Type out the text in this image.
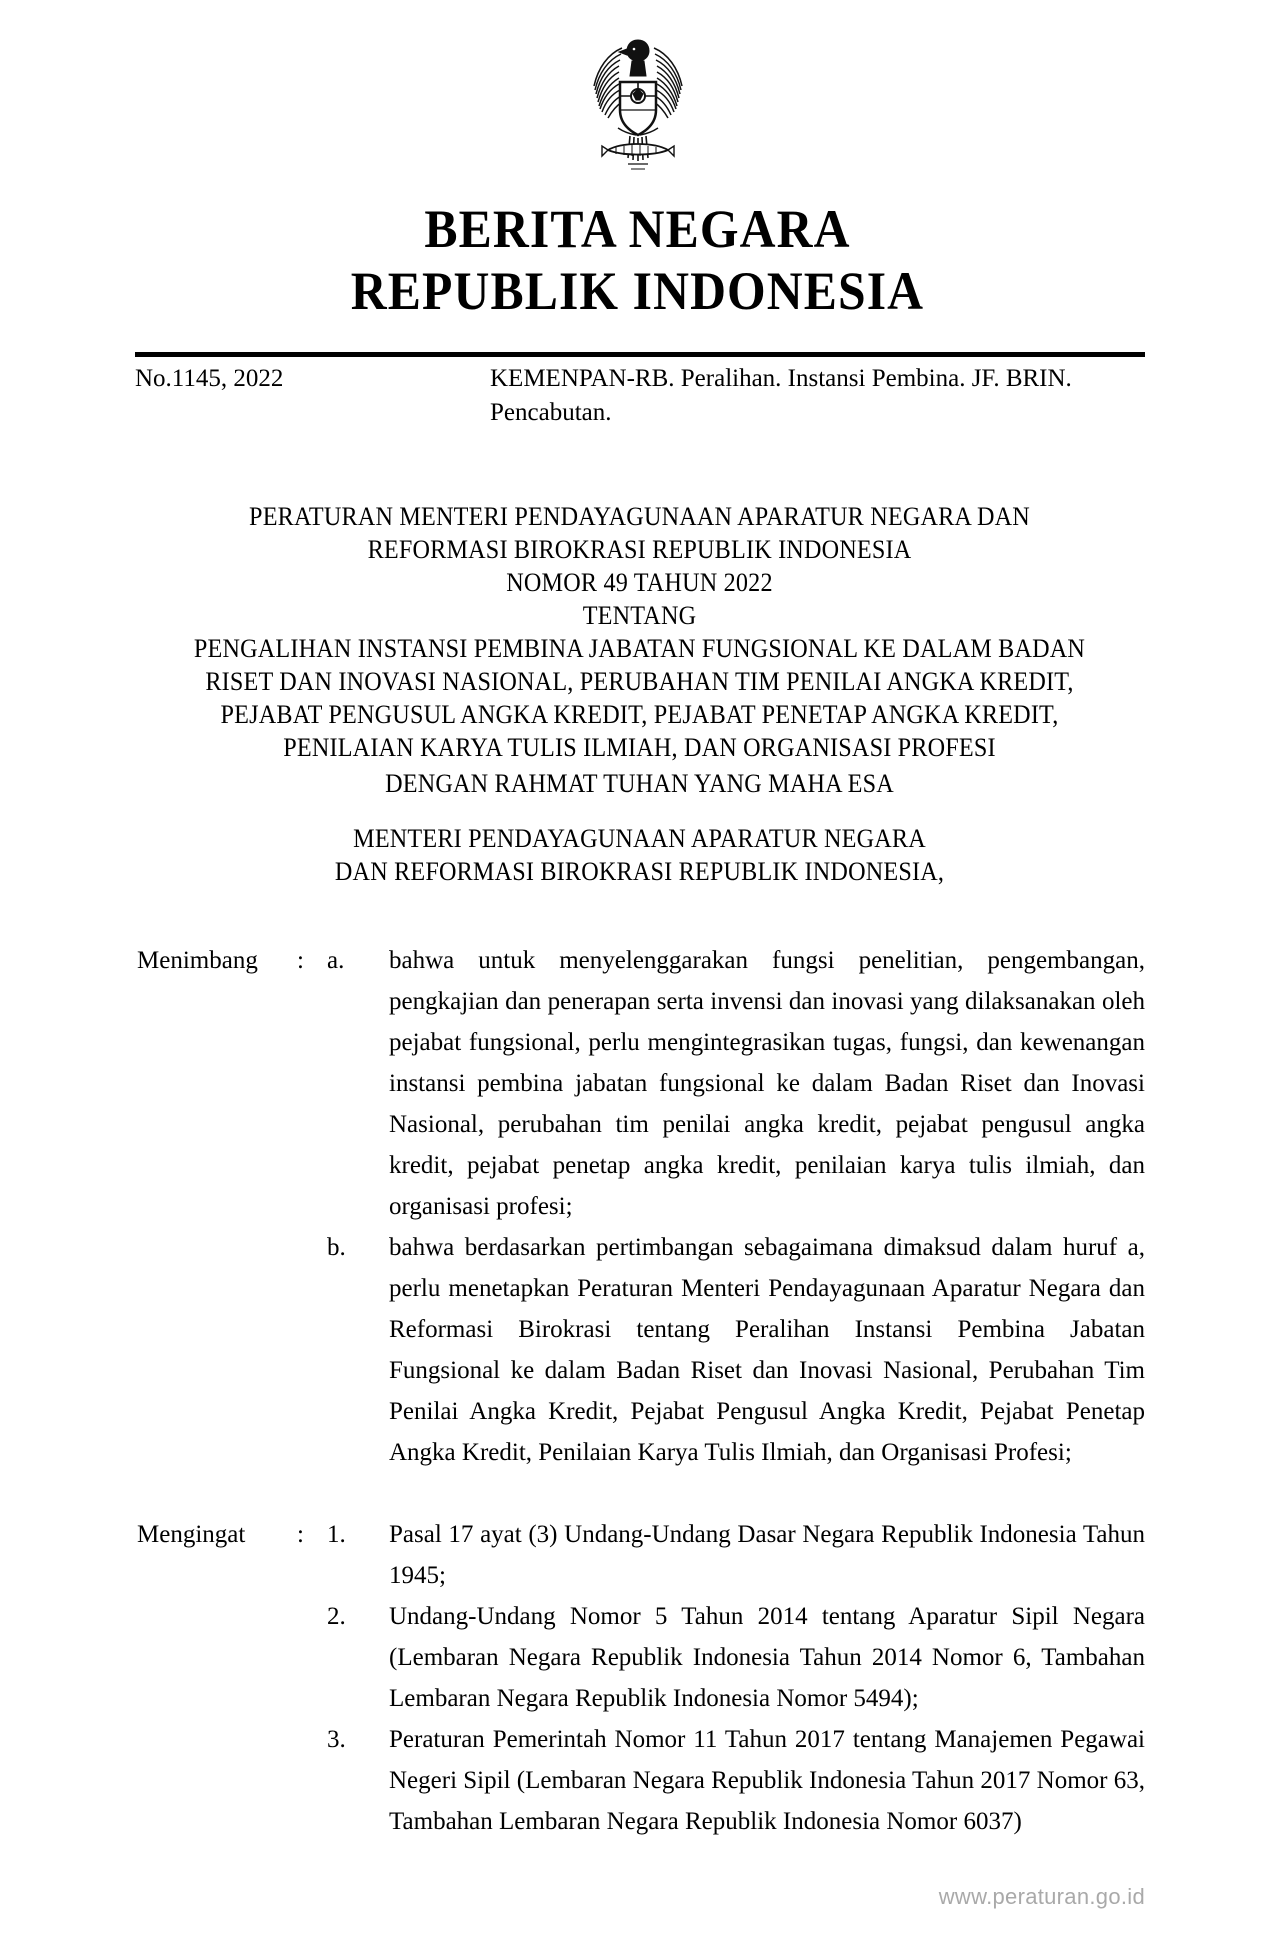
BERITA NEGARA
REPUBLIK INDONESIA
No.1145, 2022	KEMENPAN-RB. Peralihan. Instansi Pembina. JF. BRIN. Pencabutan.
PERATURAN MENTERI PENDAYAGUNAAN APARATUR NEGARA DAN
REFORMASI BIROKRASI REPUBLIK INDONESIA
NOMOR 49 TAHUN 2022
TENTANG
PENGALIHAN INSTANSI PEMBINA JABATAN FUNGSIONAL KE DALAM BADAN
RISET DAN INOVASI NASIONAL, PERUBAHAN TIM PENILAI ANGKA KREDIT,
PEJABAT PENGUSUL ANGKA KREDIT, PEJABAT PENETAP ANGKA KREDIT,
PENILAIAN KARYA TULIS ILMIAH, DAN ORGANISASI PROFESI
DENGAN RAHMAT TUHAN YANG MAHA ESA
MENTERI PENDAYAGUNAAN APARATUR NEGARA
DAN REFORMASI BIROKRASI REPUBLIK INDONESIA,
Menimbang	: a.	bahwa untuk menyelenggarakan fungsi penelitian, pengembangan, pengkajian dan penerapan serta invensi dan inovasi yang dilaksanakan oleh pejabat fungsional, perlu mengintegrasikan tugas, fungsi, dan kewenangan instansi pembina jabatan fungsional ke dalam Badan Riset dan Inovasi Nasional, perubahan tim penilai angka kredit, pejabat pengusul angka kredit, pejabat penetap angka kredit, penilaian karya tulis ilmiah, dan organisasi profesi;
b.	bahwa berdasarkan pertimbangan sebagaimana dimaksud dalam huruf a, perlu menetapkan Peraturan Menteri Pendayagunaan Aparatur Negara dan Reformasi Birokrasi tentang Peralihan Instansi Pembina Jabatan Fungsional ke dalam Badan Riset dan Inovasi Nasional, Perubahan Tim Penilai Angka Kredit, Pejabat Pengusul Angka Kredit, Pejabat Penetap Angka Kredit, Penilaian Karya Tulis Ilmiah, dan Organisasi Profesi;
Mengingat	: 1.	Pasal 17 ayat (3) Undang-Undang Dasar Negara Republik Indonesia Tahun 1945;
2.	Undang-Undang Nomor 5 Tahun 2014 tentang Aparatur Sipil Negara (Lembaran Negara Republik Indonesia Tahun 2014 Nomor 6, Tambahan Lembaran Negara Republik Indonesia Nomor 5494);
3.	Peraturan Pemerintah Nomor 11 Tahun 2017 tentang Manajemen Pegawai Negeri Sipil (Lembaran Negara Republik Indonesia Tahun 2017 Nomor 63, Tambahan Lembaran Negara Republik Indonesia Nomor 6037)
www.peraturan.go.id
